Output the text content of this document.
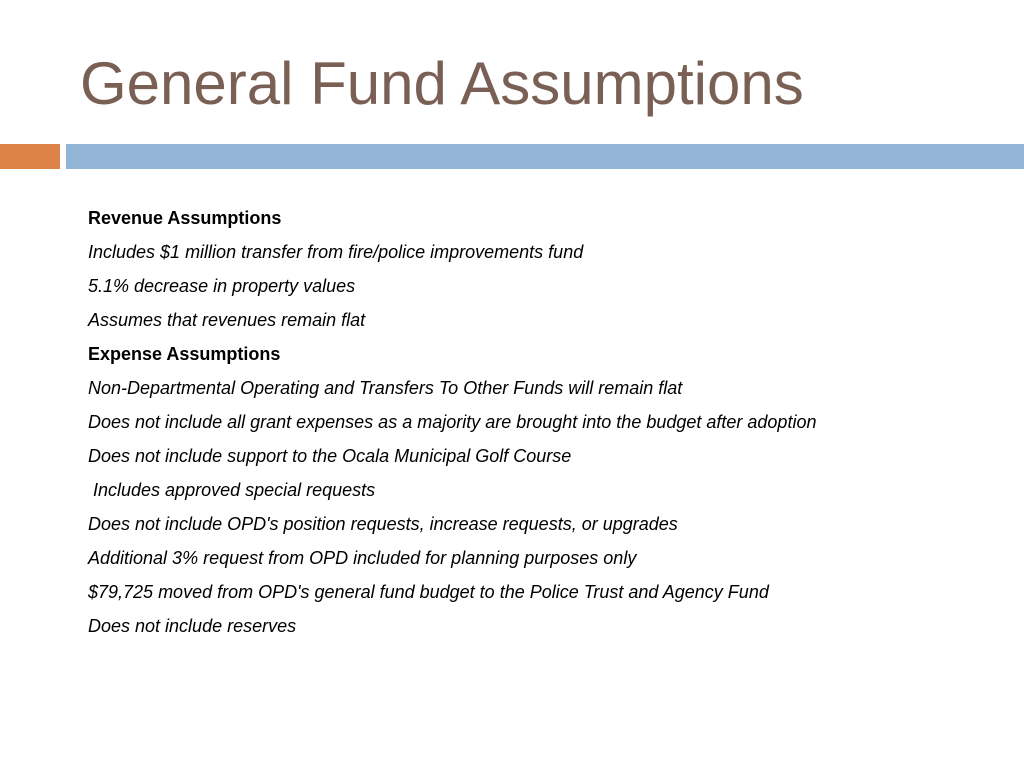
General Fund Assumptions
Revenue Assumptions
Includes $1 million transfer from fire/police improvements fund
5.1% decrease in property values
Assumes that revenues remain flat
Expense Assumptions
Non-Departmental Operating and Transfers To Other Funds will remain flat
Does not include all grant expenses as a majority are brought into the budget after adoption
Does not include support to the Ocala Municipal Golf Course
Includes approved special requests
Does not include OPD's position requests, increase requests, or upgrades
Additional 3% request from OPD included for planning purposes only
$79,725 moved from OPD's general fund budget to the Police Trust and Agency Fund
Does not include reserves
